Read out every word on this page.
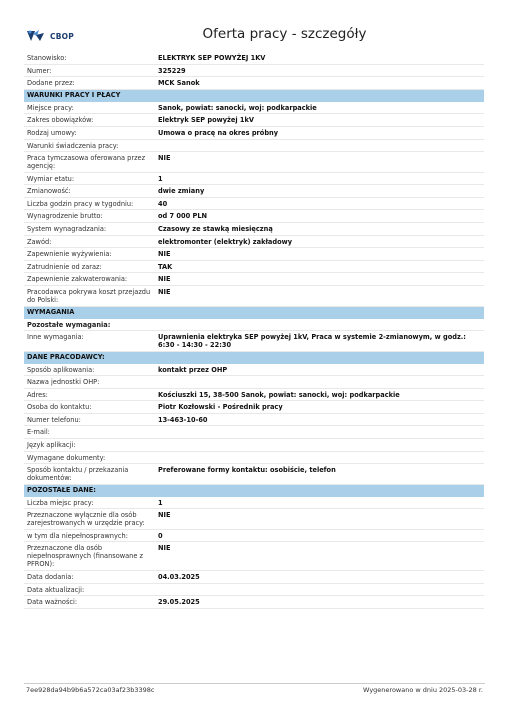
CBOP	Oferta pracy - szczegóły
Stanowisko:	ELEKTRYK SEP POWYŻEJ 1KV
Numer:	325229
Dodane przez:	MCK Sanok
WARUNKI PRACY I PŁACY
Miejsce pracy:	Sanok, powiat: sanocki, woj: podkarpackie
Zakres obowiązków:	Elektryk SEP powyżej 1kV
Rodzaj umowy:	Umowa o pracę na okres próbny
Warunki świadczenia pracy:
Praca tymczasowa oferowana przez agencję:
NIE
Wymiar etatu:	1
Zmianowość:	dwie zmiany
Liczba godzin pracy w tygodniu:	40
Wynagrodzenie brutto:	od 7 000 PLN
System wynagradzania:	Czasowy ze stawką miesięczną
Zawód:	elektromonter (elektryk) zakładowy
Zapewnienie wyżywienia:	NIE
Zatrudnienie od zaraz:	TAK
Zapewnienie zakwaterowania:	NIE
Pracodawca pokrywa koszt przejazdu do Polski:
NIE
WYMAGANIA
Pozostałe wymagania:
Inne wymagania:	Uprawnienia elektryka SEP powyżej 1kV, Praca w systemie 2-zmianowym, w godz.: 6:30 - 14:30 - 22:30
DANE PRACODAWCY:
Sposób aplikowania:	kontakt przez OHP
Nazwa jednostki OHP:
Adres:	Kościuszki 15, 38-500 Sanok, powiat: sanocki, woj: podkarpackie
Osoba do kontaktu:	Piotr Kozłowski - Pośrednik pracy
Numer telefonu:	13-463-10-60
E-mail:
Język aplikacji:
Wymagane dokumenty:
Sposób kontaktu / przekazania dokumentów:
Preferowane formy kontaktu: osobiście, telefon
POZOSTAŁE DANE:
Liczba miejsc pracy:	1
Przeznaczone wyłącznie dla osób zarejestrowanych w urzędzie pracy:
NIE
w tym dla niepełnosprawnych:	0
Przeznaczone dla osób niepełnosprawnych (finansowane z PFRON):
NIE
Data dodania:	04.03.2025
Data aktualizacji:
Data ważności:	29.05.2025
7ee928da94b9b6a572ca03af23b3398c	Wygenerowano w dniu 2025-03-28 r.
